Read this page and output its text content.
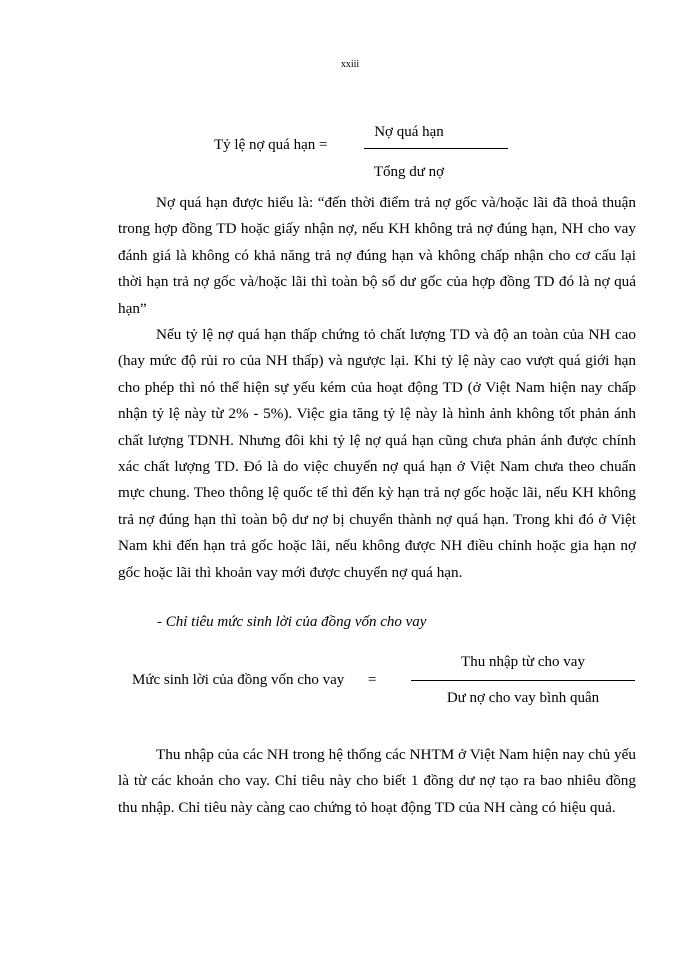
xxiii
Tỷ lệ nợ quá hạn =
Nợ quá hạn
Tổng dư nợ

Nợ quá hạn được hiểu là: “đến thời điểm trả nợ gốc và/hoặc lãi đã thoả thuận trong hợp đồng TD hoặc giấy nhận nợ, nếu KH không trả nợ đúng hạn, NH cho vay đánh giá là không có khả năng trả nợ đúng hạn và không chấp nhận cho cơ cấu lại thời hạn trả nợ gốc và/hoặc lãi thì toàn bộ số dư gốc của hợp đồng TD đó là nợ quá hạn”

Nếu tỷ lệ nợ quá hạn thấp chứng tỏ chất lượng TD và độ an toàn của NH cao (hay mức độ rủi ro của NH thấp) và ngược lại. Khi tỷ lệ này cao vượt quá giới hạn cho phép thì nó thể hiện sự yếu kém của hoạt động TD (ở Việt Nam hiện nay chấp nhận tỷ lệ này từ 2% - 5%). Việc gia tăng tỷ lệ này là hình ảnh không tốt phản ánh chất lượng TDNH. Nhưng đôi khi tỷ lệ nợ quá hạn cũng chưa phản ánh được chính xác chất lượng TD. Đó là do việc chuyển nợ quá hạn ở Việt Nam chưa theo chuẩn mực chung. Theo thông lệ quốc tế thì đến kỳ hạn trả nợ gốc hoặc lãi, nếu KH không trả nợ đúng hạn thì toàn bộ dư nợ bị chuyển thành nợ quá hạn. Trong khi đó ở Việt Nam khi đến hạn trả gốc hoặc lãi, nếu không được NH điều chỉnh hoặc gia hạn nợ gốc hoặc lãi thì khoản vay mới được chuyển nợ quá hạn.

- Chỉ tiêu mức sinh lời của đồng vốn cho vay
Mức sinh lời của đồng vốn cho vay =
Thu nhập từ cho vay
Dư nợ cho vay bình quân

Thu nhập của các NH trong hệ thống các NHTM ở Việt Nam hiện nay chủ yếu là từ các khoản cho vay. Chỉ tiêu này cho biết 1 đồng dư nợ tạo ra bao nhiêu đồng thu nhập. Chỉ tiêu này càng cao chứng tỏ hoạt động TD của NH càng có hiệu quả.
